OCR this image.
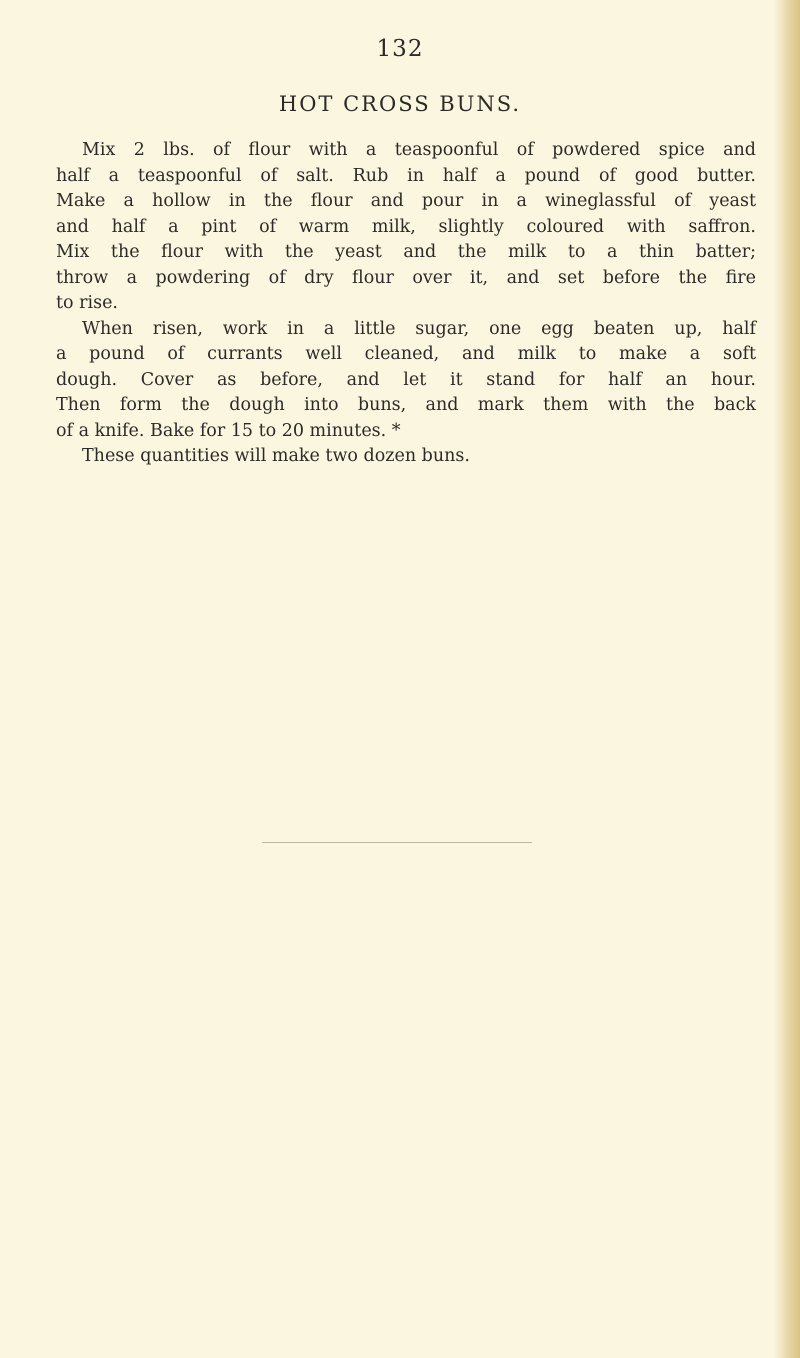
132
HOT CROSS BUNS.
Mix 2 lbs. of flour with a teaspoonful of powdered spice and
half a teaspoonful of salt. Rub in half a pound of good butter.
Make a hollow in the flour and pour in a wineglassful of yeast
and half a pint of warm milk, slightly coloured with saffron.
Mix the flour with the yeast and the milk to a thin batter;
throw a powdering of dry flour over it, and set before the fire
to rise.
When risen, work in a little sugar, one egg beaten up, half
a pound of currants well cleaned, and milk to make a soft
dough. Cover as before, and let it stand for half an hour.
Then form the dough into buns, and mark them with the back
of a knife. Bake for 15 to 20 minutes. *
These quantities will make two dozen buns.
